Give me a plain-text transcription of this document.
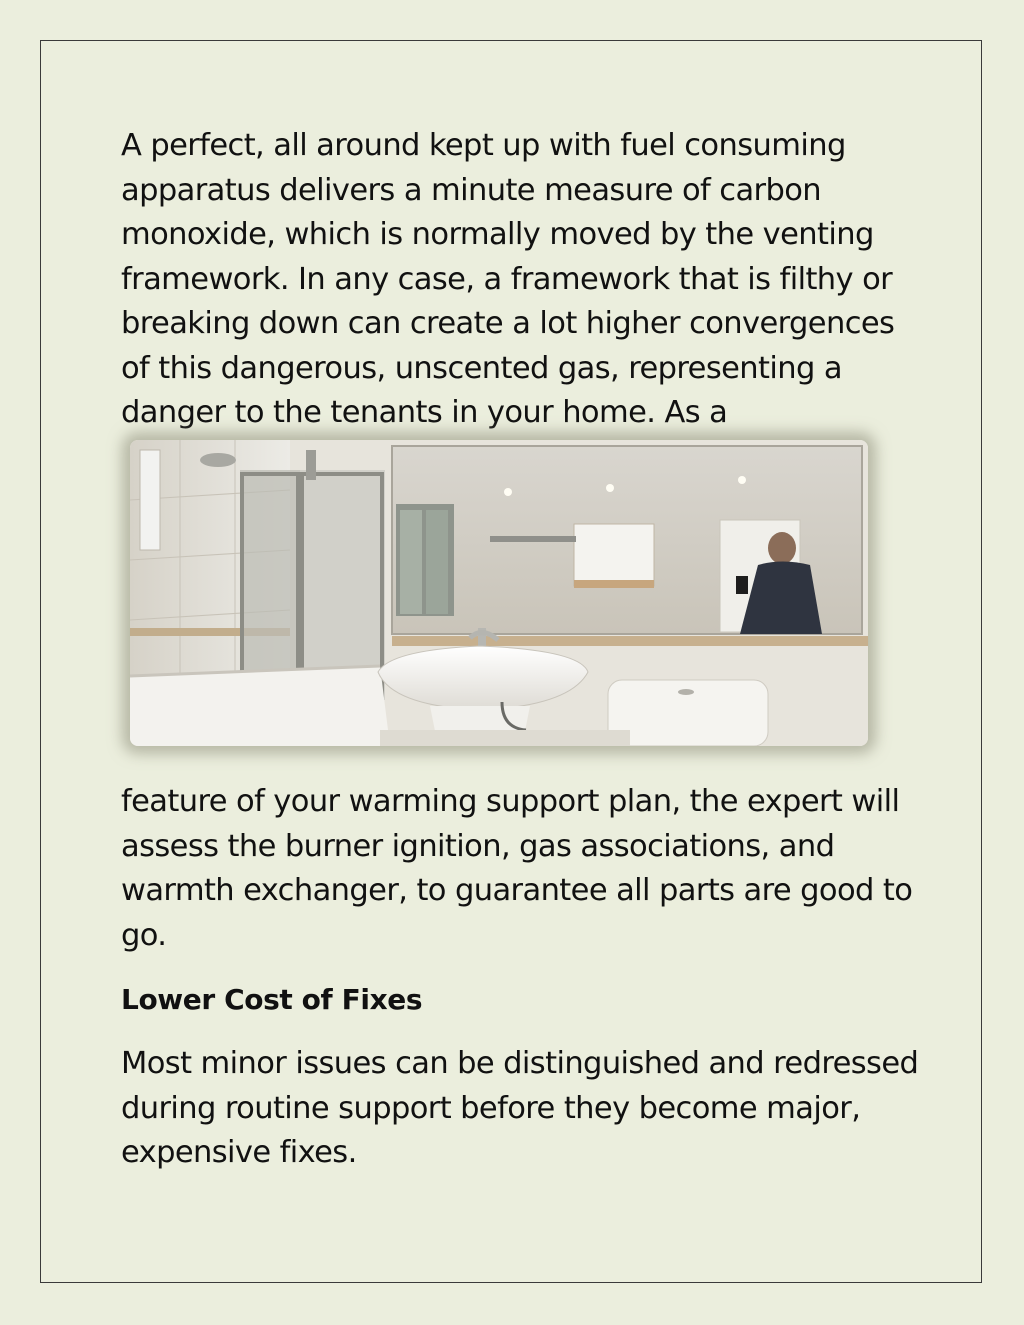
A perfect, all around kept up with fuel consuming apparatus delivers a minute measure of carbon monoxide, which is normally moved by the venting framework. In any case, a framework that is filthy or breaking down can create a lot higher convergences of this dangerous, unscented gas, representing a danger to the tenants in your home. As a

feature of your warming support plan, the expert will assess the burner ignition, gas associations, and warmth exchanger, to guarantee all parts are good to go.

Lower Cost of Fixes

Most minor issues can be distinguished and redressed during routine support before they become major, expensive fixes.
